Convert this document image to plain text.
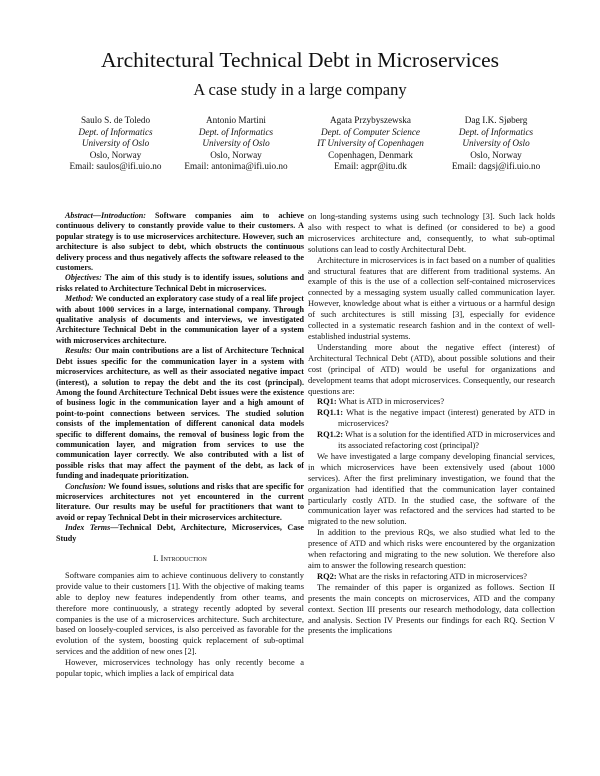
Architectural Technical Debt in Microservices
A case study in a large company
Saulo S. de Toledo
Dept. of Informatics
University of Oslo
Oslo, Norway
Email: saulos@ifi.uio.no
Antonio Martini
Dept. of Informatics
University of Oslo
Oslo, Norway
Email: antonima@ifi.uio.no
Agata Przybyszewska
Dept. of Computer Science
IT University of Copenhagen
Copenhagen, Denmark
Email: agpr@itu.dk
Dag I.K. Sjøberg
Dept. of Informatics
University of Oslo
Oslo, Norway
Email: dagsj@ifi.uio.no

Abstract—Introduction: Software companies aim to achieve continuous delivery to constantly provide value to their customers. A popular strategy is to use microservices architecture. However, such an architecture is also subject to debt, which obstructs the continuous delivery process and thus negatively affects the software released to the customers.

Objectives: The aim of this study is to identify issues, solutions and risks related to Architecture Technical Debt in microservices.

Method: We conducted an exploratory case study of a real life project with about 1000 services in a large, international company. Through qualitative analysis of documents and interviews, we investigated Architecture Technical Debt in the communication layer of a system with microservices architecture.

Results: Our main contributions are a list of Architecture Technical Debt issues specific for the communication layer in a system with microservices architecture, as well as their associated negative impact (interest), a solution to repay the debt and the its cost (principal). Among the found Architecture Technical Debt issues were the existence of business logic in the communication layer and a high amount of point-to-point connections between services. The studied solution consists of the implementation of different canonical data models specific to different domains, the removal of business logic from the communication layer, and migration from services to use the communication layer correctly. We also contributed with a list of possible risks that may affect the payment of the debt, as lack of funding and inadequate prioritization.

Conclusion: We found issues, solutions and risks that are specific for microservices architectures not yet encountered in the current literature. Our results may be useful for practitioners that want to avoid or repay Technical Debt in their microservices architecture.

Index Terms—Technical Debt, Architecture, Microservices, Case Study

I. Introduction

Software companies aim to achieve continuous delivery to constantly provide value to their customers [1]. With the objective of making teams able to deploy new features independently from other teams, and therefore more continuously, a strategy recently adopted by several companies is the use of a microservices architecture. Such architecture, based on loosely-coupled services, is also perceived as favorable for the evolution of the system, boosting quick replacement of sub-optimal services and the addition of new ones [2].

However, microservices technology has only recently become a popular topic, which implies a lack of empirical data

on long-standing systems using such technology [3]. Such lack holds also with respect to what is defined (or considered to be) a good microservices architecture and, consequently, to what sub-optimal solutions can lead to costly Architectural Debt.

Architecture in microservices is in fact based on a number of qualities and structural features that are different from traditional systems. An example of this is the use of a collection self-contained microservices connected by a messaging system usually called communication layer. However, knowledge about what is either a virtuous or a harmful design of such architectures is still missing [3], especially for evidence collected in a systematic research fashion and in the context of well-established industrial systems.

Understanding more about the negative effect (interest) of Architectural Technical Debt (ATD), about possible solutions and their cost (principal of ATD) would be useful for organizations and development teams that adopt microservices. Consequently, our research questions are:

RQ1: What is ATD in microservices?

RQ1.1: What is the negative impact (interest) generated by ATD in microservices?

RQ1.2: What is a solution for the identified ATD in microservices and its associated refactoring cost (principal)?

We have investigated a large company developing financial services, in which microservices have been extensively used (about 1000 services). After the first preliminary investigation, we found that the organization had identified that the communication layer contained particularly costly ATD. In the studied case, the software of the communication layer was refactored and the services had started to be migrated to the new solution.

In addition to the previous RQs, we also studied what led to the presence of ATD and which risks were encountered by the organization when refactoring and migrating to the new solution. We therefore also aim to answer the following research question:

RQ2: What are the risks in refactoring ATD in microservices?

The remainder of this paper is organized as follows. Section II presents the main concepts on microservices, ATD and the company context. Section III presents our research methodology, data collection and analysis. Section IV Presents our findings for each RQ. Section V presents the implications
